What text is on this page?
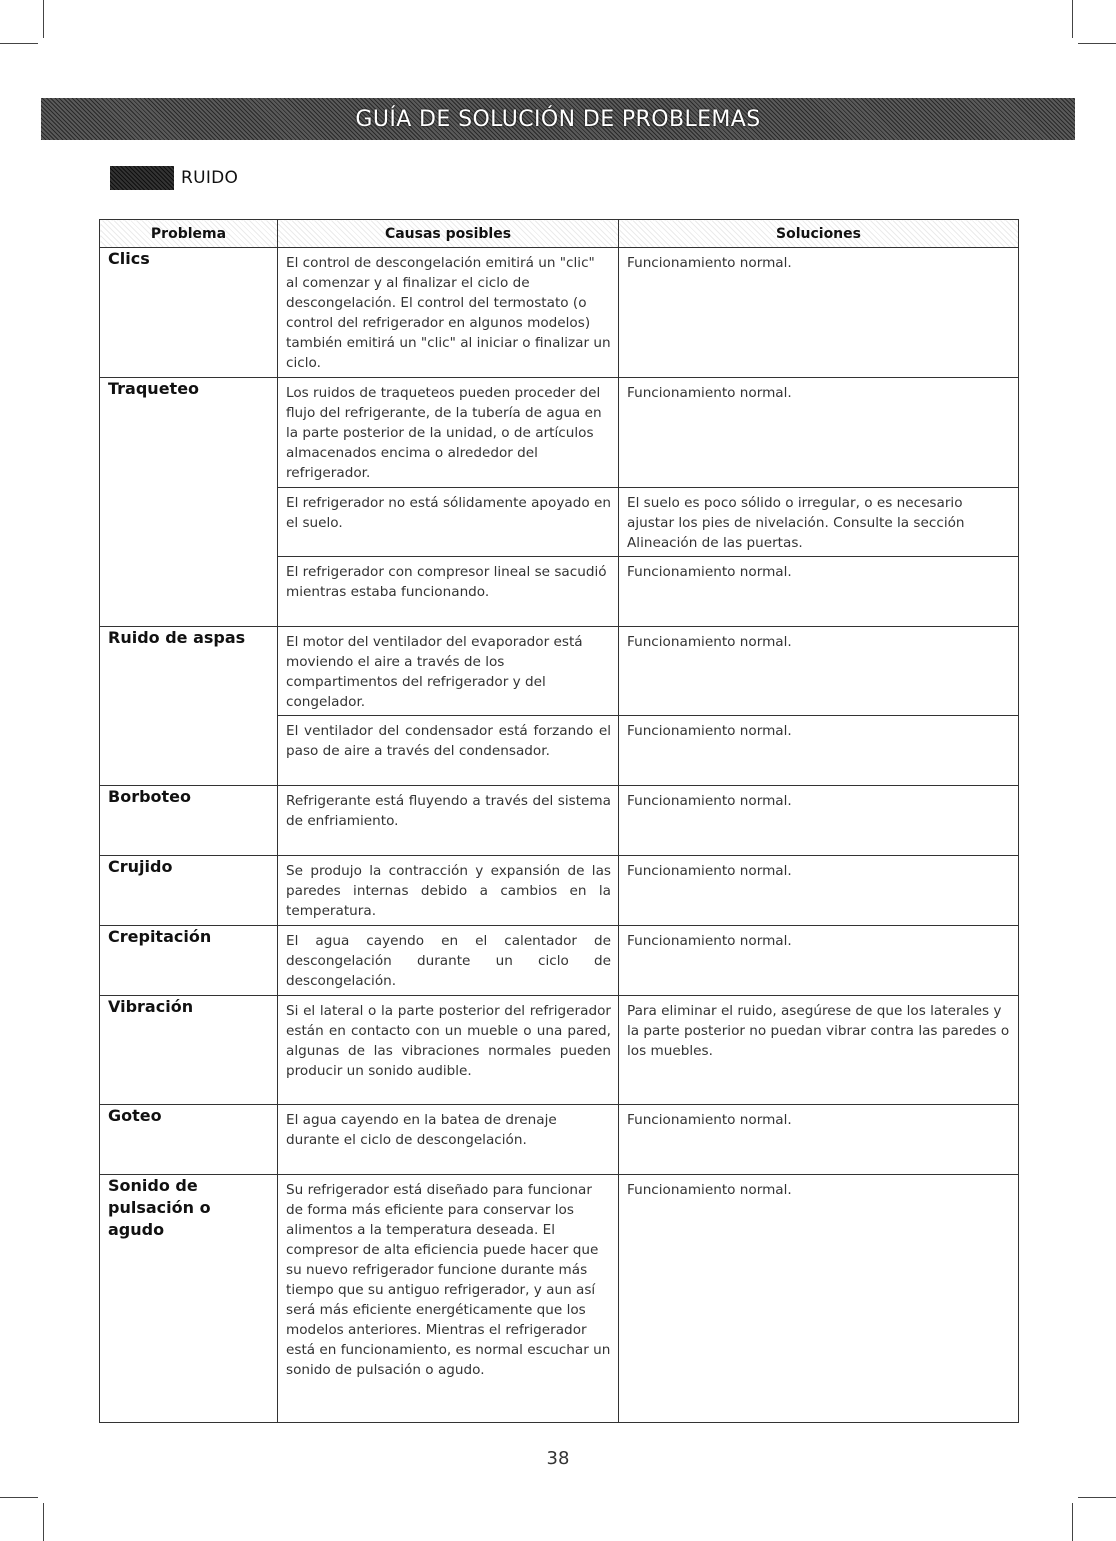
GUÍA DE SOLUCIÓN DE PROBLEMAS
RUIDO
Problema	Causas posibles	Soluciones
Clics	El control de descongelación emitirá un "clic" al comenzar y al finalizar el ciclo de descongelación. El control del termostato (o control del refrigerador en algunos modelos) también emitirá un "clic" al iniciar o finalizar un ciclo.	Funcionamiento normal.
Traqueteo	Los ruidos de traqueteos pueden proceder del flujo del refrigerante, de la tubería de agua en la parte posterior de la unidad, o de artículos almacenados encima o alrededor del refrigerador.	Funcionamiento normal.
	El refrigerador no está sólidamente apoyado en el suelo.	El suelo es poco sólido o irregular, o es necesario ajustar los pies de nivelación. Consulte la sección Alineación de las puertas.
	El refrigerador con compresor lineal se sacudió mientras estaba funcionando.	Funcionamiento normal.
Ruido de aspas	El motor del ventilador del evaporador está moviendo el aire a través de los compartimentos del refrigerador y del congelador.	Funcionamiento normal.
	El ventilador del condensador está forzando el paso de aire a través del condensador.	Funcionamiento normal.
Borboteo	Refrigerante está fluyendo a través del sistema de enfriamiento.	Funcionamiento normal.
Crujido	Se produjo la contracción y expansión de las paredes internas debido a cambios en la temperatura.	Funcionamiento normal.
Crepitación	El agua cayendo en el calentador de descongelación durante un ciclo de descongelación.	Funcionamiento normal.
Vibración	Si el lateral o la parte posterior del refrigerador están en contacto con un mueble o una pared, algunas de las vibraciones normales pueden producir un sonido audible.	Para eliminar el ruido, asegúrese de que los laterales y la parte posterior no puedan vibrar contra las paredes o los muebles.
Goteo	El agua cayendo en la batea de drenaje durante el ciclo de descongelación.	Funcionamiento normal.
Sonido de pulsación o agudo	Su refrigerador está diseñado para funcionar de forma más eficiente para conservar los alimentos a la temperatura deseada. El compresor de alta eficiencia puede hacer que su nuevo refrigerador funcione durante más tiempo que su antiguo refrigerador, y aun así será más eficiente energéticamente que los modelos anteriores. Mientras el refrigerador está en funcionamiento, es normal escuchar un sonido de pulsación o agudo.	Funcionamiento normal.
38
